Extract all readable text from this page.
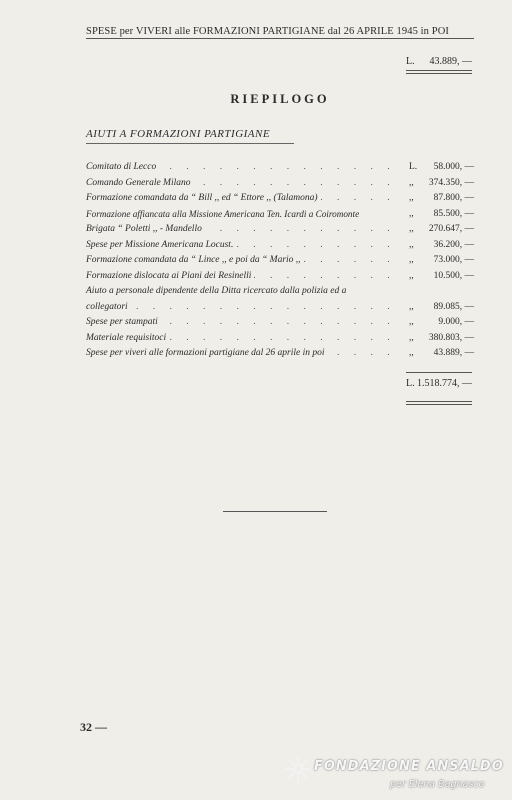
SPESE per VIVERI alle FORMAZIONI PARTIGIANE dal 26 APRILE 1945 in POI
L. 43.889, —
RIEPILOGO
AIUTI A FORMAZIONI PARTIGIANE
. . .
Comitato di Lecco	L.	58.000, —
. . .
Comando Generale Milano	,,	374.350, —
. . .
Formazione comandata da “ Bill ,, ed “ Ettore ,, (Talamona)	,,	87.800, —
Formazione affiancata alla Missione Americana Ten. Icardi a Coiromonte	,,	85.500, —
. . .
Brigata “ Poletti ,, - Mandello	,,	270.647, —
. . .
Spese per Missione Americana Locust.	,,	36.200, —
. . .
Formazione comandata da “ Lince ,, e poi da “ Mario ,,	,,	73.000, —
. . .
Formazione dislocata ai Piani dei Resinelli	,,	10.500, —
Aiuto a personale dipendente della Ditta ricercato dalla polizia ed a
. . .
collegatori	,,	89.085, —
. . .
Spese per stampati	,,	9.000, —
. . .
Materiale requisitoci	,,	380.803, —
. . .
Spese per viveri alle formazioni partigiane dal 26 aprile in poi	,,	43.889, —
L. 1.518.774, —
32 —
FONDAZIONE ANSALDO
per Elena Bagnasco
